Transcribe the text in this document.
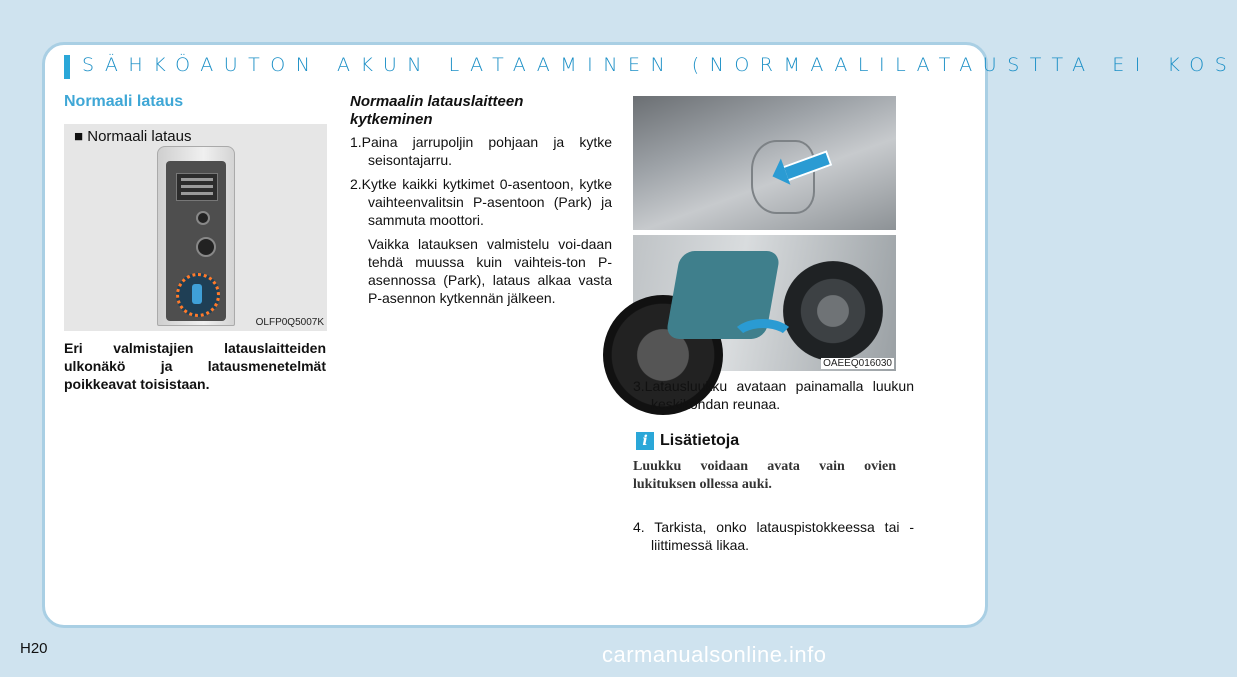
SÄHKÖAUTON AKUN LATAAMINEN (NORMAALILATAUSTTA EI KOS
Normaali lataus
■ Normaali lataus
OLFP0Q5007K
Eri valmistajien latauslaitteiden ulkonäkö ja latausmenetelmät poikkeavat toisistaan.
Normaalin latauslaitteen kytkeminen
1.Paina jarrupoljin pohjaan ja kytke seisontajarru.
2.Kytke kaikki kytkimet 0-asentoon, kytke vaihteenvalitsin P-asentoon (Park) ja sammuta moottori.
Vaikka latauksen valmistelu voi-daan tehdä muussa kuin vaihteis-ton P-asennossa (Park), lataus alkaa vasta P-asennon kytkennän jälkeen.
OAEEQ016030
3.Latausluukku avataan painamalla luukun keskikohdan reunaa.
i Lisätietoja
Luukku voidaan avata vain ovien lukituksen ollessa auki.
4. Tarkista, onko latauspistokkeessa tai -liittimessä likaa.
H20	carmanualsonline.info
